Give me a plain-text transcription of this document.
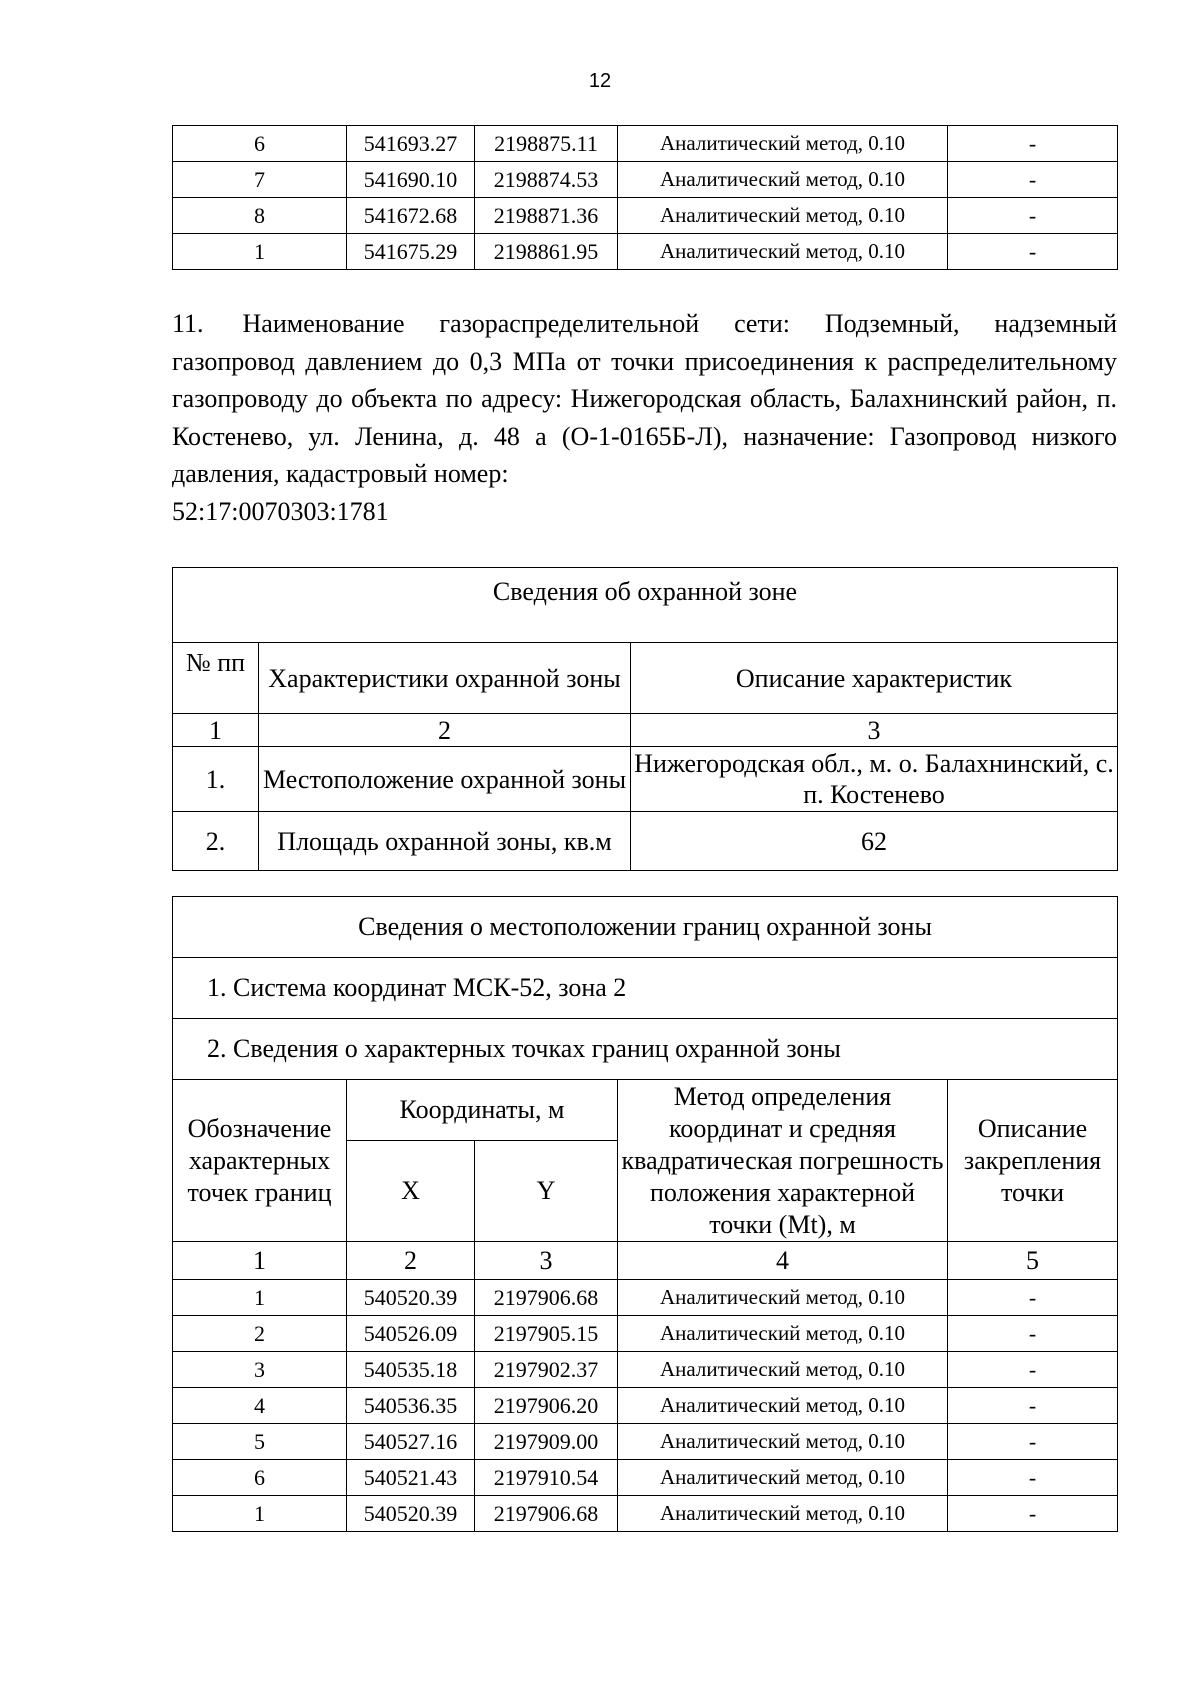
12
6	541693.27	2198875.11	Аналитический метод, 0.10	-
7	541690.10	2198874.53	Аналитический метод, 0.10	-
8	541672.68	2198871.36	Аналитический метод, 0.10	-
1	541675.29	2198861.95	Аналитический метод, 0.10	-
11.  Наименование газораспределительной сети: Подземный, надземный газопровод давлением до 0,3 МПа от точки присоединения к распределительному газопроводу до объекта по адресу: Нижегородская область, Балахнинский район, п. Костенево, ул. Ленина, д. 48 а (О-1-0165Б-Л), назначение: Газопровод низкого давления, кадастровый номер:
52:17:0070303:1781
Сведения об охранной зоне		
№ пп	Характеристики охранной зоны	Описание характеристик
1	2	3
1.	Местоположение охранной зоны	Нижегородская обл., м. о. Балахнинский, с. п. Костенево
2.	Площадь охранной зоны, кв.м	62
Сведения о местоположении границ охранной зоны				
1. Система координат МСК-52, зона 2				
2. Сведения о характерных точках границ охранной зоны				
Обозначение характерных точек границ	Координаты, м		Метод определения координат и средняя квадратическая погрешность положения характерной точки (Mt), м	Описание закрепления точки
	X	Y		
1	2	3	4	5
1	540520.39	2197906.68	Аналитический метод, 0.10	-
2	540526.09	2197905.15	Аналитический метод, 0.10	-
3	540535.18	2197902.37	Аналитический метод, 0.10	-
4	540536.35	2197906.20	Аналитический метод, 0.10	-
5	540527.16	2197909.00	Аналитический метод, 0.10	-
6	540521.43	2197910.54	Аналитический метод, 0.10	-
1	540520.39	2197906.68	Аналитический метод, 0.10	-
